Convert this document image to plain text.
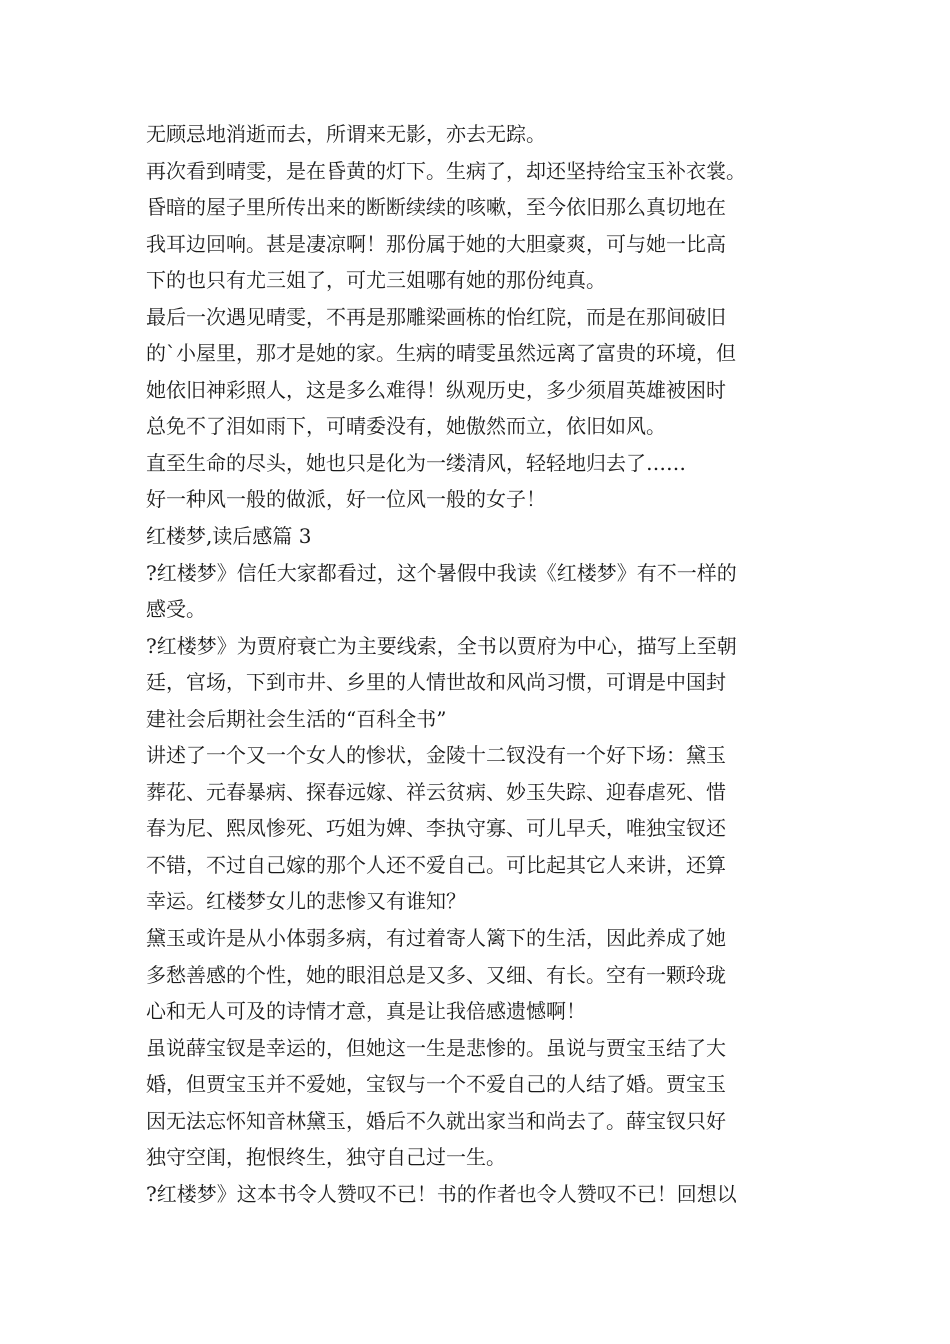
无顾忌地消逝而去，所谓来无影，亦去无踪。
再次看到晴雯，是在昏黄的灯下。生病了，却还坚持给宝玉补衣裳。
昏暗的屋子里所传出来的断断续续的咳嗽，至今依旧那么真切地在
我耳边回响。甚是凄凉啊！那份属于她的大胆豪爽，可与她一比高
下的也只有尤三姐了，可尤三姐哪有她的那份纯真。
最后一次遇见晴雯，不再是那雕梁画栋的怡红院，而是在那间破旧
的`小屋里，那才是她的家。生病的晴雯虽然远离了富贵的环境，但
她依旧神彩照人，这是多么难得！纵观历史，多少须眉英雄被困时
总免不了泪如雨下，可晴委没有，她傲然而立，依旧如风。
直至生命的尽头，她也只是化为一缕清风，轻轻地归去了……
好一种风一般的做派，好一位风一般的女子！
红楼梦,读后感篇 3
?红楼梦》信任大家都看过，这个暑假中我读《红楼梦》有不一样的
感受。
?红楼梦》为贾府衰亡为主要线索，全书以贾府为中心，描写上至朝
廷，官场，下到市井、乡里的人情世故和风尚习惯，可谓是中国封
建社会后期社会生活的“百科全书”
讲述了一个又一个女人的惨状，金陵十二钗没有一个好下场：黛玉
葬花、元春暴病、探春远嫁、祥云贫病、妙玉失踪、迎春虐死、惜
春为尼、熙凤惨死、巧姐为婢、李执守寡、可儿早夭，唯独宝钗还
不错，不过自己嫁的那个人还不爱自己。可比起其它人来讲，还算
幸运。红楼梦女儿的悲惨又有谁知？
黛玉或许是从小体弱多病，有过着寄人篱下的生活，因此养成了她
多愁善感的个性，她的眼泪总是又多、又细、有长。空有一颗玲珑
心和无人可及的诗情才意，真是让我倍感遗憾啊！
虽说薛宝钗是幸运的，但她这一生是悲惨的。虽说与贾宝玉结了大
婚，但贾宝玉并不爱她，宝钗与一个不爱自己的人结了婚。贾宝玉
因无法忘怀知音林黛玉，婚后不久就出家当和尚去了。薛宝钗只好
独守空闺，抱恨终生，独守自己过一生。
?红楼梦》这本书令人赞叹不已！书的作者也令人赞叹不已！回想以
